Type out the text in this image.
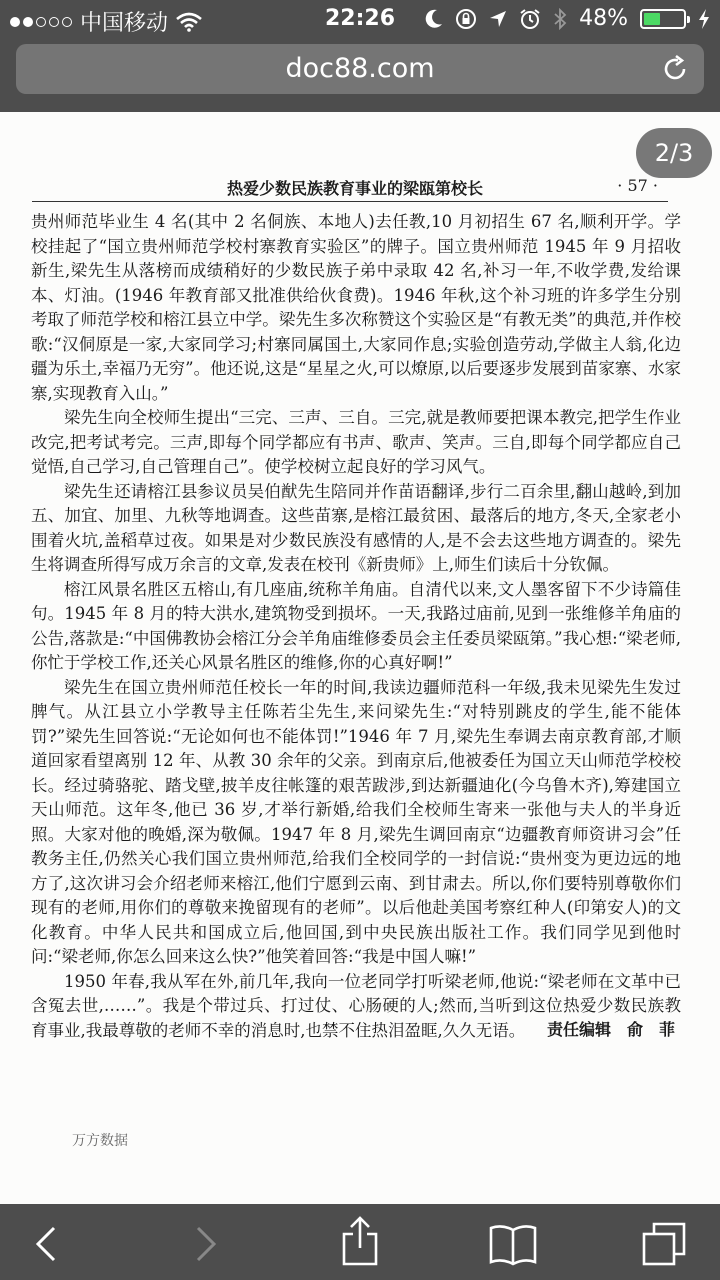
中国移动	22:26	48%
doc88.com
热爱少数民族教育事业的梁瓯第校长	· 57 ·

贵州师范毕业生 4 名(其中 2 名侗族、本地人)去任教,10 月初招生 67 名,顺利开学。学校挂起了“国立贵州师范学校村寨教育实验区”的牌子。国立贵州师范 1945 年 9 月招收新生,梁先生从落榜而成绩稍好的少数民族子弟中录取 42 名,补习一年,不收学费,发给课本、灯油。(1946 年教育部又批准供给伙食费)。1946 年秋,这个补习班的许多学生分别考取了师范学校和榕江县立中学。梁先生多次称赞这个实验区是“有教无类”的典范,并作校歌:“汉侗原是一家,大家同学习;村寨同属国土,大家同作息;实验创造劳动,学做主人翁,化边疆为乐土,幸福乃无穷”。他还说,这是“星星之火,可以燎原,以后要逐步发展到苗家寨、水家寨,实现教育入山。”

梁先生向全校师生提出“三完、三声、三自。三完,就是教师要把课本教完,把学生作业改完,把考试考完。三声,即每个同学都应有书声、歌声、笑声。三自,即每个同学都应自己觉悟,自己学习,自己管理自己”。使学校树立起良好的学习风气。

梁先生还请榕江县参议员吴伯猷先生陪同并作苗语翻译,步行二百余里,翻山越岭,到加五、加宜、加里、九秋等地调查。这些苗寨,是榕江最贫困、最落后的地方,冬天,全家老小围着火坑,盖稻草过夜。如果是对少数民族没有感情的人,是不会去这些地方调查的。梁先生将调查所得写成万余言的文章,发表在校刊《新贵师》上,师生们读后十分钦佩。

榕江风景名胜区五榕山,有几座庙,统称羊角庙。自清代以来,文人墨客留下不少诗篇佳句。1945 年 8 月的特大洪水,建筑物受到损坏。一天,我路过庙前,见到一张维修羊角庙的公告,落款是:“中国佛教协会榕江分会羊角庙维修委员会主任委员梁瓯第。”我心想:“梁老师,你忙于学校工作,还关心风景名胜区的维修,你的心真好啊!”

梁先生在国立贵州师范任校长一年的时间,我读边疆师范科一年级,我未见梁先生发过脾气。从江县立小学教导主任陈若尘先生,来问梁先生:“对特别跳皮的学生,能不能体罚?”梁先生回答说:“无论如何也不能体罚!”1946 年 7 月,梁先生奉调去南京教育部,才顺道回家看望离别 12 年、从教 30 余年的父亲。到南京后,他被委任为国立天山师范学校校长。经过骑骆驼、踏戈壁,披羊皮往帐篷的艰苦跋涉,到达新疆迪化(今乌鲁木齐),筹建国立天山师范。这年冬,他已 36 岁,才举行新婚,给我们全校师生寄来一张他与夫人的半身近照。大家对他的晚婚,深为敬佩。1947 年 8 月,梁先生调回南京“边疆教育师资讲习会”任教务主任,仍然关心我们国立贵州师范,给我们全校同学的一封信说:“贵州变为更边远的地方了,这次讲习会介绍老师来榕江,他们宁愿到云南、到甘肃去。所以,你们要特别尊敬你们现有的老师,用你们的尊敬来挽留现有的老师”。以后他赴美国考察红种人(印第安人)的文化教育。中华人民共和国成立后,他回国,到中央民族出版社工作。我们同学见到他时问:“梁老师,你怎么回来这么快?”他笑着回答:“我是中国人嘛!”

1950 年春,我从军在外,前几年,我向一位老同学打听梁老师,他说:“梁老师在文革中已含冤去世,……”。我是个带过兵、打过仗、心肠硬的人;然而,当听到这位热爱少数民族教育事业,我最尊敬的老师不幸的消息时,也禁不住热泪盈眶,久久无语。	责任编辑　俞　菲
万方数据
2/3
